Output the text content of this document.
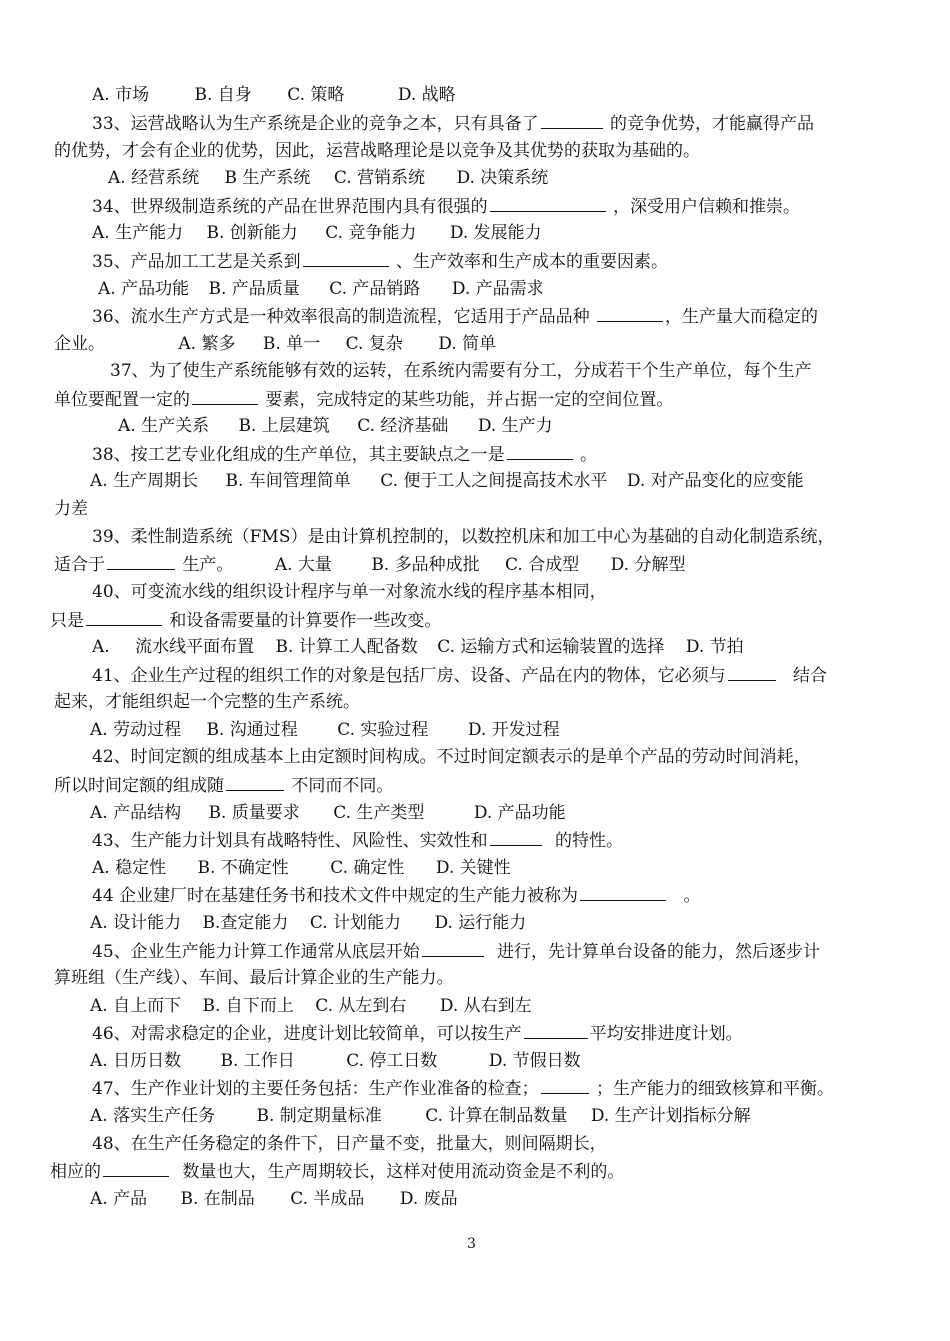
A. 市场	B. 自身 C. 策略	D. 战略
33、运营战略认为生产系统是企业的竞争之本，只有具备了	的竞争优势，才能赢得产品
的优势，才会有企业的优势，因此，运营战略理论是以竞争及其优势的获取为基础的。
A. 经营系统 B 生产系统 C. 营销系统 D. 决策系统
34、世界级制造系统的产品在世界范围内具有很强的	，深受用户信赖和推崇。
A. 生产能力 B. 创新能力 C. 竞争能力 D. 发展能力
35、产品加工工艺是关系到	、生产效率和生产成本的重要因素。
A. 产品功能 B. 产品质量 C. 产品销路 D. 产品需求
36、流水生产方式是一种效率很高的制造流程，它适用于产品品种	，生产量大而稳定的
企业。	A. 繁多 B. 单一 C. 复杂 D. 简单
37、为了使生产系统能够有效的运转，在系统内需要有分工，分成若干个生产单位，每个生产
单位要配置一定的	要素，完成特定的某些功能，并占据一定的空间位置。
A. 生产关系 B. 上层建筑 C. 经济基础 D. 生产力
38、按工艺专业化组成的生产单位，其主要缺点之一是	。
A. 生产周期长 B. 车间管理简单 C. 便于工人之间提高技术水平 D. 对产品变化的应变能
力差
39、柔性制造系统（FMS）是由计算机控制的，以数控机床和加工中心为基础的自动化制造系统，
适合于	生产。 A. 大量 B. 多品种成批 C. 合成型 D. 分解型
40、可变流水线的组织设计程序与单一对象流水线的程序基本相同，
只是	和设备需要量的计算要作一些改变。
A. 流水线平面布置 B. 计算工人配备数 C. 运输方式和运输装置的选择 D. 节拍
41、企业生产过程的组织工作的对象是包括厂房、设备、产品在内的物体，它必须与	结合
起来，才能组织起一个完整的生产系统。
A. 劳动过程 B. 沟通过程 C. 实验过程 D. 开发过程
42、时间定额的组成基本上由定额时间构成。不过时间定额表示的是单个产品的劳动时间消耗，
所以时间定额的组成随	不同而不同。
A. 产品结构 B. 质量要求 C. 生产类型	D. 产品功能
43、生产能力计划具有战略特性、风险性、实效性和	的特性。
A. 稳定性 B. 不确定性 C. 确定性 D. 关键性
44 企业建厂时在基建任务书和技术文件中规定的生产能力被称为	。
A. 设计能力 B.查定能力 C. 计划能力 D. 运行能力
45、企业生产能力计算工作通常从底层开始	进行，先计算单台设备的能力，然后逐步计
算班组（生产线）、车间、最后计算企业的生产能力。
A. 自上而下 B. 自下而上 C. 从左到右 D. 从右到左
46、对需求稳定的企业，进度计划比较简单，可以按生产	平均安排进度计划。
A. 日历日数 B. 工作日	C. 停工日数	D. 节假日数
47、生产作业计划的主要任务包括：生产作业准备的检查；	；生产能力的细致核算和平衡。
A. 落实生产任务 B. 制定期量标准	C. 计算在制品数量 D. 生产计划指标分解
48、在生产任务稳定的条件下，日产量不变，批量大，则间隔期长，
相应的	数量也大，生产周期较长，这样对使用流动资金是不利的。
A. 产品 B. 在制品 C. 半成品 D. 废品
3
